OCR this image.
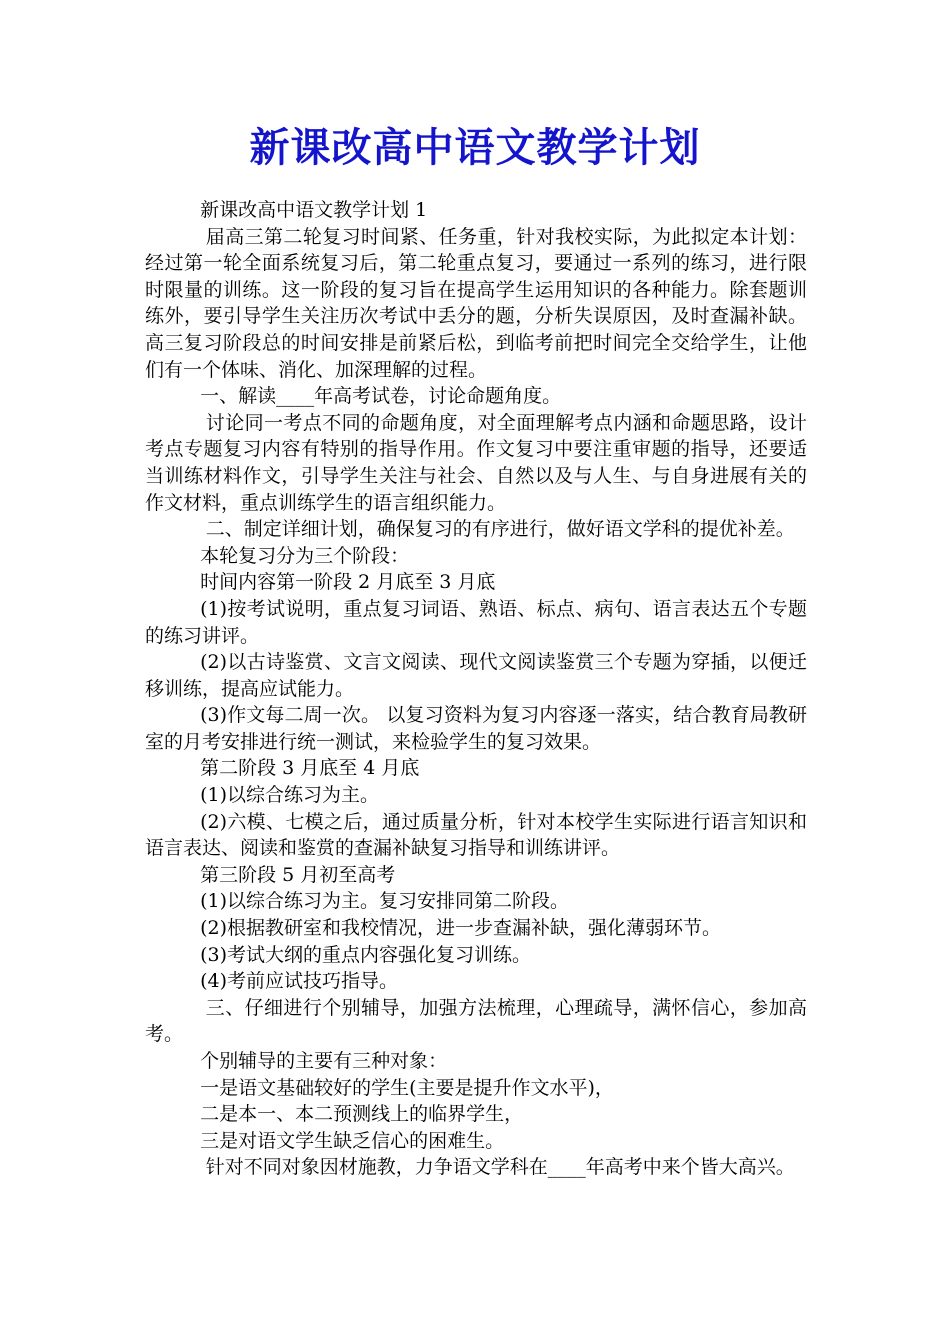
新课改高中语文教学计划

新课改高中语文教学计划 1

届高三第二轮复习时间紧、任务重，针对我校实际，为此拟定本计划：经过第一轮全面系统复习后，第二轮重点复习，要通过一系列的练习，进行限时限量的训练。这一阶段的复习旨在提高学生运用知识的各种能力。除套题训练外，要引导学生关注历次考试中丢分的题，分析失误原因，及时查漏补缺。高三复习阶段总的时间安排是前紧后松，到临考前把时间完全交给学生，让他们有一个体味、消化、加深理解的过程。

一、解读____年高考试卷，讨论命题角度。

讨论同一考点不同的命题角度，对全面理解考点内涵和命题思路，设计考点专题复习内容有特别的指导作用。作文复习中要注重审题的指导，还要适当训练材料作文，引导学生关注与社会、自然以及与人生、与自身进展有关的作文材料，重点训练学生的语言组织能力。

二、制定详细计划，确保复习的有序进行，做好语文学科的提优补差。

本轮复习分为三个阶段：

时间内容第一阶段 2 月底至 3 月底

(1)按考试说明，重点复习词语、熟语、标点、病句、语言表达五个专题的练习讲评。

(2)以古诗鉴赏、文言文阅读、现代文阅读鉴赏三个专题为穿插，以便迁移训练，提高应试能力。

(3)作文每二周一次。 以复习资料为复习内容逐一落实，结合教育局教研室的月考安排进行统一测试，来检验学生的复习效果。

第二阶段 3 月底至 4 月底

(1)以综合练习为主。

(2)六模、七模之后，通过质量分析，针对本校学生实际进行语言知识和语言表达、阅读和鉴赏的查漏补缺复习指导和训练讲评。

第三阶段 5 月初至高考

(1)以综合练习为主。复习安排同第二阶段。

(2)根据教研室和我校情况，进一步查漏补缺，强化薄弱环节。

(3)考试大纲的重点内容强化复习训练。

(4)考前应试技巧指导。

三、仔细进行个别辅导，加强方法梳理，心理疏导，满怀信心，参加高考。

个别辅导的主要有三种对象：

一是语文基础较好的学生(主要是提升作文水平)，

二是本一、本二预测线上的临界学生，

三是对语文学生缺乏信心的困难生。

针对不同对象因材施教，力争语文学科在____年高考中来个皆大高兴。
